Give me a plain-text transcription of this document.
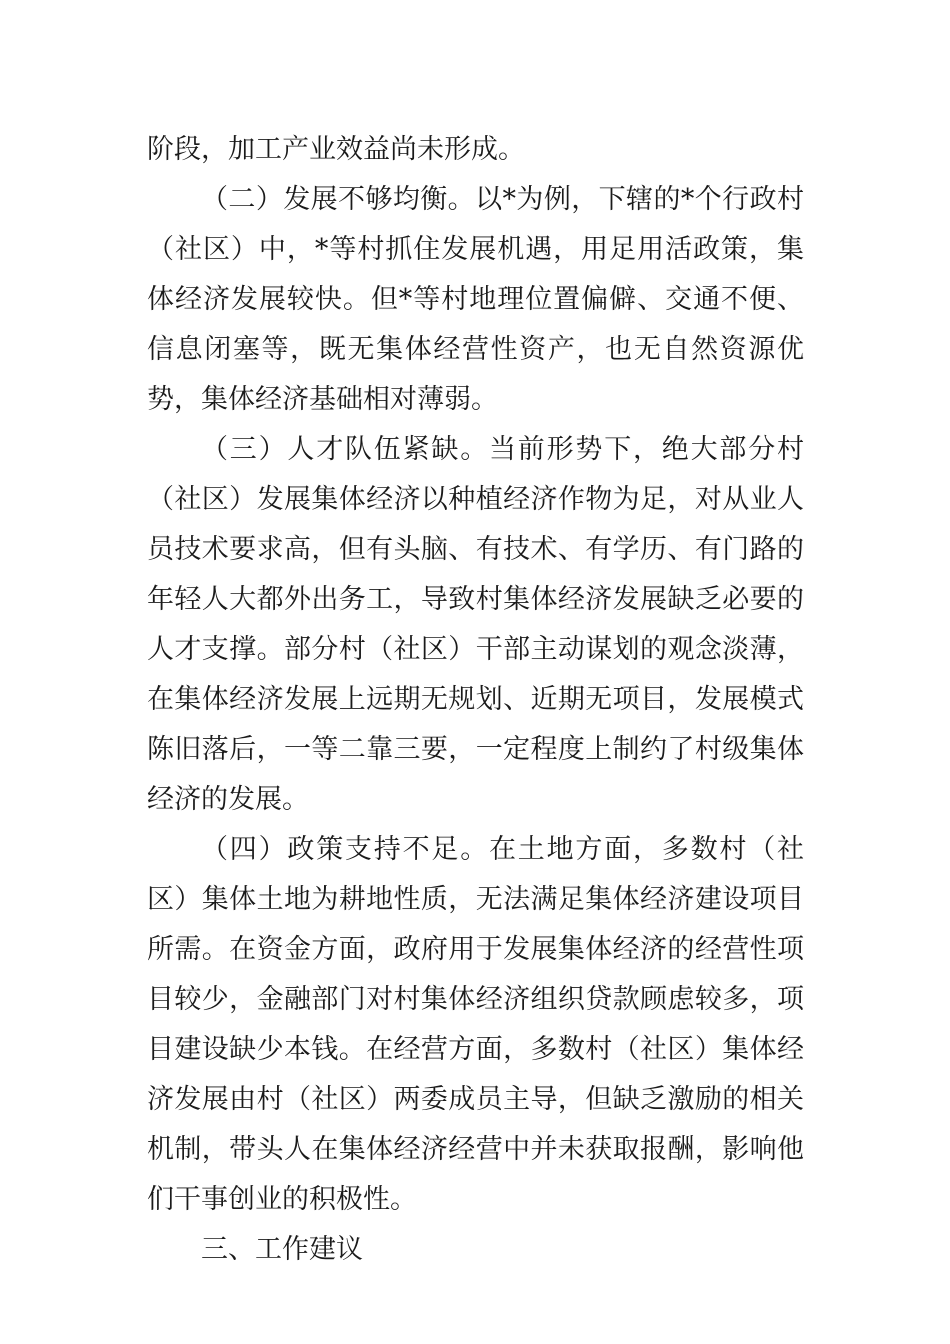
阶段，加工产业效益尚未形成。

（二）发展不够均衡。以*为例，下辖的*个行政村（社区）中，*等村抓住发展机遇，用足用活政策，集体经济发展较快。但*等村地理位置偏僻、交通不便、信息闭塞等，既无集体经营性资产，也无自然资源优势，集体经济基础相对薄弱。

（三）人才队伍紧缺。当前形势下，绝大部分村（社区）发展集体经济以种植经济作物为足，对从业人员技术要求高，但有头脑、有技术、有学历、有门路的年轻人大都外出务工，导致村集体经济发展缺乏必要的人才支撑。部分村（社区）干部主动谋划的观念淡薄，在集体经济发展上远期无规划、近期无项目，发展模式陈旧落后，一等二靠三要，一定程度上制约了村级集体经济的发展。

（四）政策支持不足。在土地方面，多数村（社区）集体土地为耕地性质，无法满足集体经济建设项目所需。在资金方面，政府用于发展集体经济的经营性项目较少，金融部门对村集体经济组织贷款顾虑较多，项目建设缺少本钱。在经营方面，多数村（社区）集体经济发展由村（社区）两委成员主导，但缺乏激励的相关机制，带头人在集体经济经营中并未获取报酬，影响他们干事创业的积极性。

三、工作建议
